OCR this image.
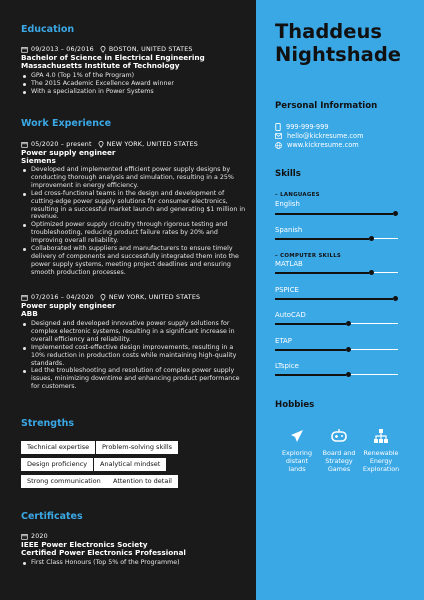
Education
09/2013 – 06/2016 BOSTON, UNITED STATES
Bachelor of Science in Electrical Engineering
Massachusetts Institute of Technology
GPA 4.0 (Top 1% of the Program)
The 2015 Academic Excellence Award winner
With a specialization in Power Systems
Work Experience
05/2020 – present NEW YORK, UNITED STATES
Power supply engineer
Siemens
Developed and implemented efficient power supply designs by conducting thorough analysis and simulation, resulting in a 25% improvement in energy efficiency.
Led cross-functional teams in the design and development of cutting-edge power supply solutions for consumer electronics, resulting in a successful market launch and generating $1 million in revenue.
Optimized power supply circuitry through rigorous testing and troubleshooting, reducing product failure rates by 20% and improving overall reliability.
Collaborated with suppliers and manufacturers to ensure timely delivery of components and successfully integrated them into the power supply systems, meeting project deadlines and ensuring smooth production processes.
07/2016 – 04/2020 NEW YORK, UNITED STATES
Power supply engineer
ABB
Designed and developed innovative power supply solutions for complex electronic systems, resulting in a significant increase in overall efficiency and reliability.
Implemented cost-effective design improvements, resulting in a 10% reduction in production costs while maintaining high-quality standards.
Led the troubleshooting and resolution of complex power supply issues, minimizing downtime and enhancing product performance for customers.
Strengths
Technical expertise	Problem-solving skills
Design proficiency	Analytical mindset
Strong communication	Attention to detail
Certificates
2020
IEEE Power Electronics Society
Certified Power Electronics Professional
First Class Honours (Top 5% of the Programme)
Thaddeus
Nightshade
Personal Information
999-999-999
hello@kickresume.com
www.kickresume.com
Skills
– LANGUAGES
English
Spanish
– COMPUTER SKILLS
MATLAB
PSPICE
AutoCAD
ETAP
LTspice
Hobbies
Exploring
distant
lands
Board and
Strategy
Games
Renewable
Energy
Exploration
